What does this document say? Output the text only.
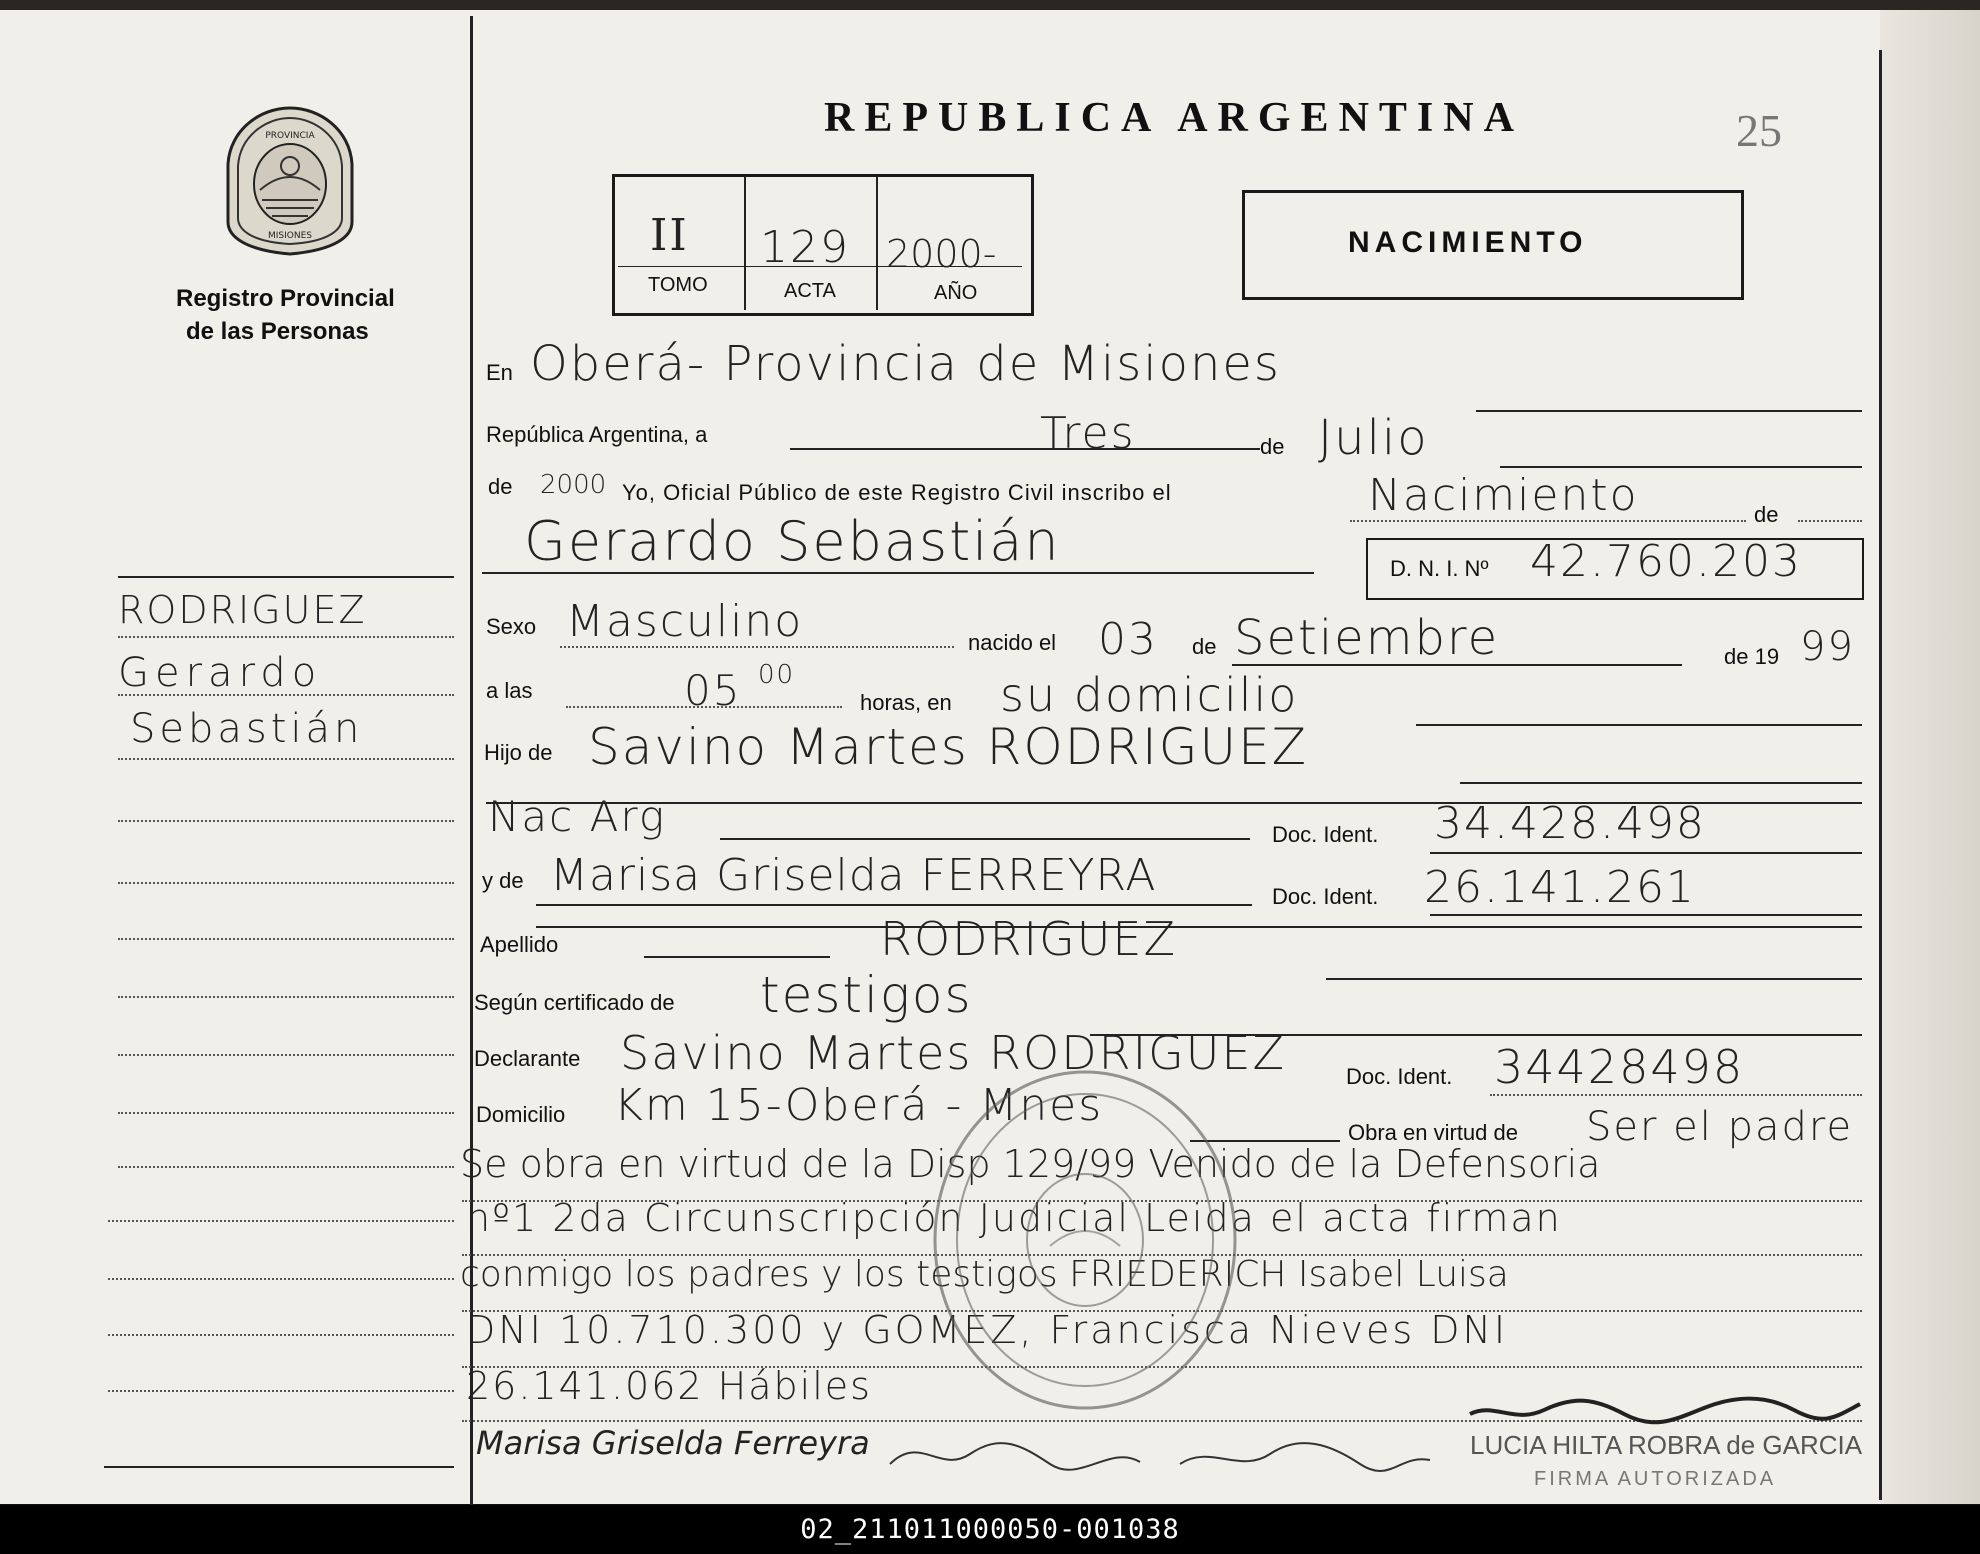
PROVINCIA
MISIONES
Registro Provincial
de las Personas
RODRIGUEZ
Gerardo
Sebastián
REPUBLICA ARGENTINA	25
II 129 2000-
TOMO	ACTA	AÑO
NACIMIENTO
En Oberá- Provincia de Misiones
República Argentina, a	Tres	de Julio
de 2000 Yo, Oficial Público de este Registro Civil inscribo el	Nacimiento	de
Gerardo Sebastián	D. N. I. Nº 42.760.203
Sexo Masculino	nacido el 03 de Setiembre	de 19 99
a las	05 00
horas, en su domicilio
Hijo de Savino Martes RODRIGUEZ
Nac Arg	Doc. Ident. 34.428.498
y de Marisa Griselda FERREYRA	Doc. Ident. 26.141.261
Apellido	RODRIGUEZ
Según certificado de testigos
Declarante Savino Martes RODRIGUEZ	Doc. Ident. 34428498
Domicilio Km 15-Oberá - Mnes
Obra en virtud de Ser el padre
Se obra en virtud de la Disp 129/99 Venido de la Defensoria
nº1 2da Circunscripción Judicial Leida el acta firman
conmigo los padres y los testigos FRIEDERICH Isabel Luisa
DNI 10.710.300 y GOMEZ, Francisca Nieves DNI
26.141.062 Hábiles
Marisa Griselda Ferreyra	LUCIA HILTA ROBRA de GARCIA
FIRMA AUTORIZADA
02_211011000050-001038
